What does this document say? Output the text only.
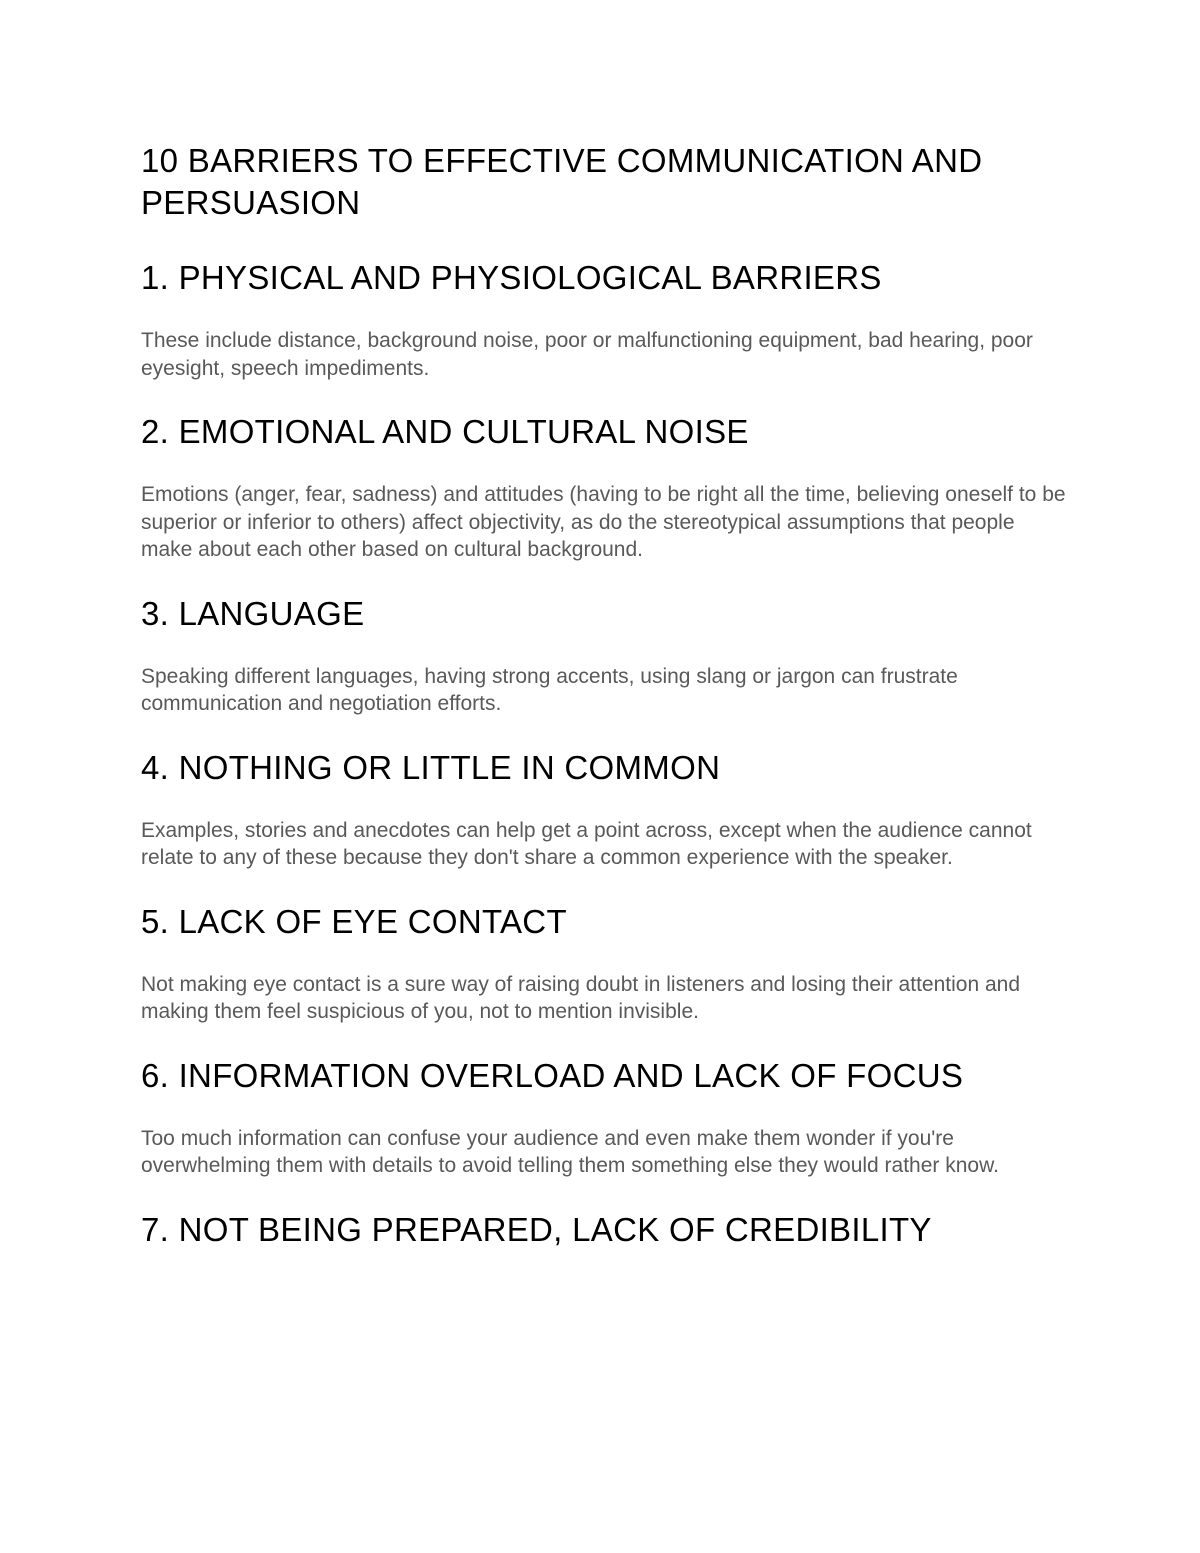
10 BARRIERS TO EFFECTIVE COMMUNICATION AND PERSUASION
1. PHYSICAL AND PHYSIOLOGICAL BARRIERS

These include distance, background noise, poor or malfunctioning equipment, bad hearing, poor eyesight, speech impediments.

2. EMOTIONAL AND CULTURAL NOISE

Emotions (anger, fear, sadness) and attitudes (having to be right all the time, believing oneself to be superior or inferior to others) affect objectivity, as do the stereotypical assumptions that people make about each other based on cultural background.

3. LANGUAGE

Speaking different languages, having strong accents, using slang or jargon can frustrate communication and negotiation efforts.

4. NOTHING OR LITTLE IN COMMON

Examples, stories and anecdotes can help get a point across, except when the audience cannot relate to any of these because they don't share a common experience with the speaker.

5. LACK OF EYE CONTACT

Not making eye contact is a sure way of raising doubt in listeners and losing their attention and making them feel suspicious of you, not to mention invisible.

6. INFORMATION OVERLOAD AND LACK OF FOCUS

Too much information can confuse your audience and even make them wonder if you're overwhelming them with details to avoid telling them something else they would rather know.

7. NOT BEING PREPARED, LACK OF CREDIBILITY
